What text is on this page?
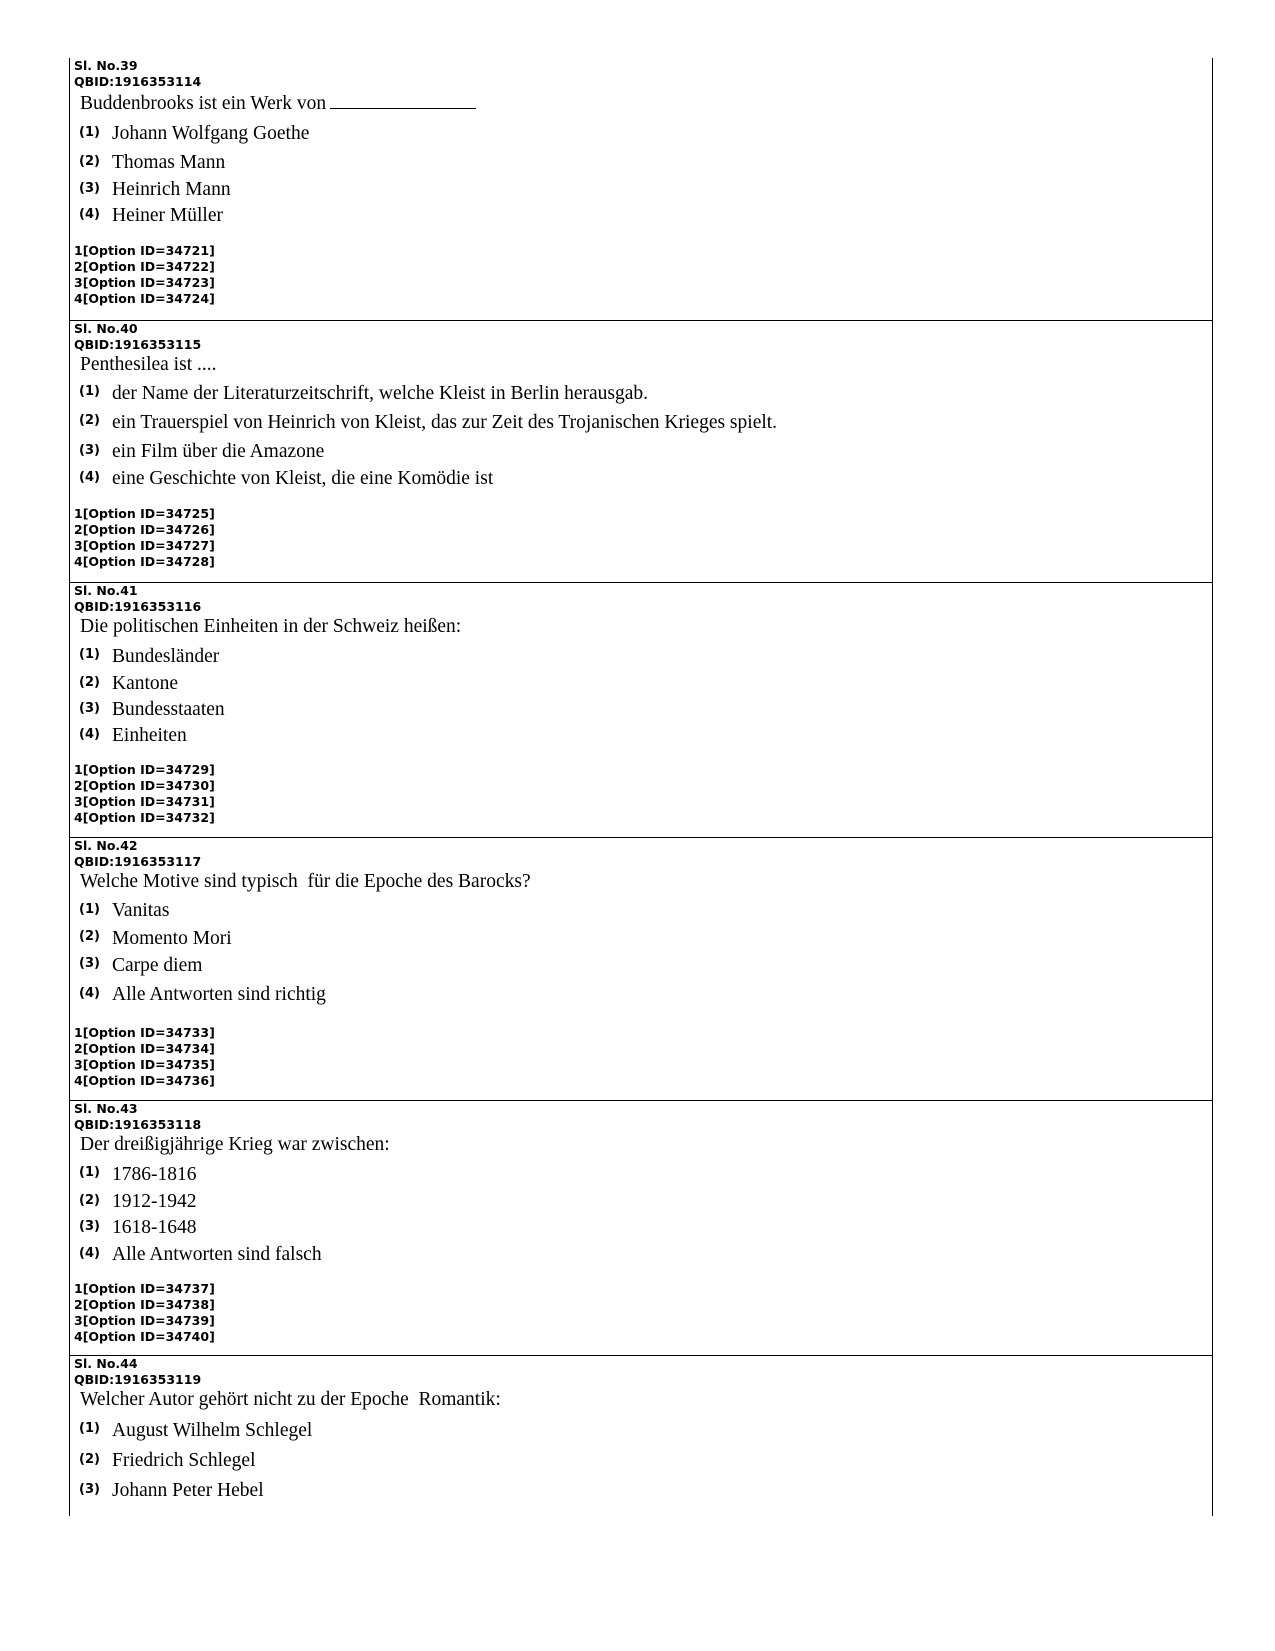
Sl. No.39
QBID:1916353114
Buddenbrooks ist ein Werk von
(1) Johann Wolfgang Goethe
(2) Thomas Mann
(3) Heinrich Mann
(4) Heiner Müller
1[Option ID=34721]
2[Option ID=34722]
3[Option ID=34723]
4[Option ID=34724]
Sl. No.40
QBID:1916353115
Penthesilea ist ....
(1) der Name der Literaturzeitschrift, welche Kleist in Berlin herausgab.
(2) ein Trauerspiel von Heinrich von Kleist, das zur Zeit des Trojanischen Krieges spielt.
(3) ein Film über die Amazone
(4) eine Geschichte von Kleist, die eine Komödie ist
1[Option ID=34725]
2[Option ID=34726]
3[Option ID=34727]
4[Option ID=34728]
Sl. No.41
QBID:1916353116
Die politischen Einheiten in der Schweiz heißen:
(1) Bundesländer
(2) Kantone
(3) Bundesstaaten
(4) Einheiten
1[Option ID=34729]
2[Option ID=34730]
3[Option ID=34731]
4[Option ID=34732]
Sl. No.42
QBID:1916353117
Welche Motive sind typisch  für die Epoche des Barocks?
(1) Vanitas
(2) Momento Mori
(3) Carpe diem
(4) Alle Antworten sind richtig
1[Option ID=34733]
2[Option ID=34734]
3[Option ID=34735]
4[Option ID=34736]
Sl. No.43
QBID:1916353118
Der dreißigjährige Krieg war zwischen:
(1) 1786-1816
(2) 1912-1942
(3) 1618-1648
(4) Alle Antworten sind falsch
1[Option ID=34737]
2[Option ID=34738]
3[Option ID=34739]
4[Option ID=34740]
Sl. No.44
QBID:1916353119
Welcher Autor gehört nicht zu der Epoche  Romantik:
(1) August Wilhelm Schlegel
(2) Friedrich Schlegel
(3) Johann Peter Hebel
